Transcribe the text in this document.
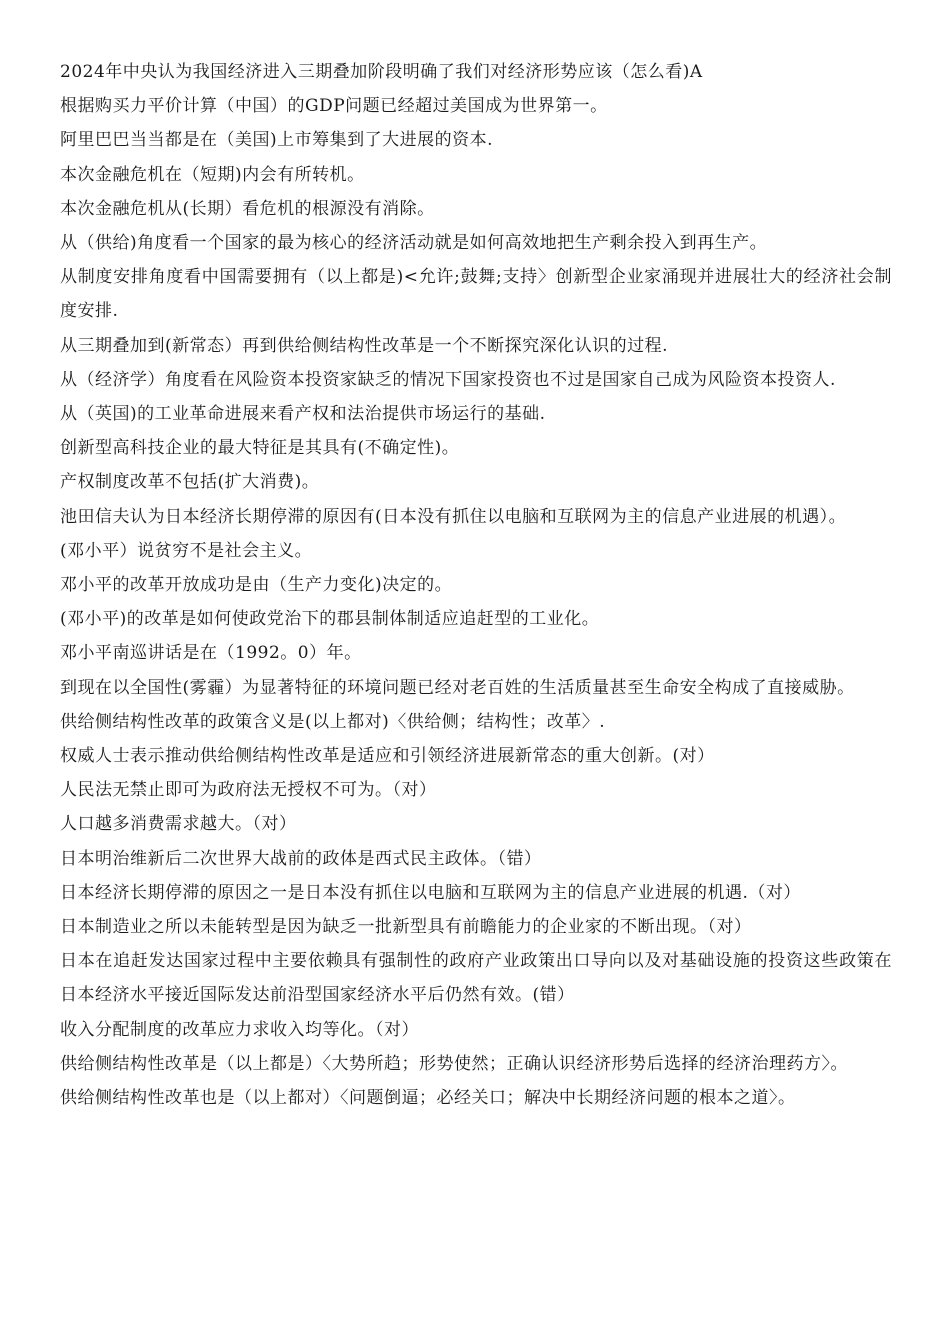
2024年中央认为我国经济进入三期叠加阶段明确了我们对经济形势应该（怎么看)A

根据购买力平价计算（中国）的GDP问题已经超过美国成为世界第一。

阿里巴巴当当都是在（美国)上市筹集到了大进展的资本.

本次金融危机在（短期)内会有所转机。

本次金融危机从(长期）看危机的根源没有消除。

从（供给)角度看一个国家的最为核心的经济活动就是如何高效地把生产剩余投入到再生产。

从制度安排角度看中国需要拥有（以上都是)<允许;鼓舞;支持〉创新型企业家涌现并进展壮大的经济社会制度安排.

从三期叠加到(新常态）再到供给侧结构性改革是一个不断探究深化认识的过程.

从（经济学）角度看在风险资本投资家缺乏的情况下国家投资也不过是国家自己成为风险资本投资人.

从（英国)的工业革命进展来看产权和法治提供市场运行的基础.

创新型高科技企业的最大特征是其具有(不确定性)。

产权制度改革不包括(扩大消费)。

池田信夫认为日本经济长期停滞的原因有(日本没有抓住以电脑和互联网为主的信息产业进展的机遇）。

(邓小平）说贫穷不是社会主义。

邓小平的改革开放成功是由（生产力变化)决定的。

(邓小平)的改革是如何使政党治下的郡县制体制适应追赶型的工业化。

邓小平南巡讲话是在（1992。0）年。

到现在以全国性(雾霾）为显著特征的环境问题已经对老百姓的生活质量甚至生命安全构成了直接威胁。

供给侧结构性改革的政策含义是(以上都对)〈供给侧；结构性；改革〉.

权威人士表示推动供给侧结构性改革是适应和引领经济进展新常态的重大创新。(对）

人民法无禁止即可为政府法无授权不可为。（对）

人口越多消费需求越大。（对）

日本明治维新后二次世界大战前的政体是西式民主政体。（错）

日本经济长期停滞的原因之一是日本没有抓住以电脑和互联网为主的信息产业进展的机遇.（对）

日本制造业之所以未能转型是因为缺乏一批新型具有前瞻能力的企业家的不断出现。（对）

日本在追赶发达国家过程中主要依赖具有强制性的政府产业政策出口导向以及对基础设施的投资这些政策在日本经济水平接近国际发达前沿型国家经济水平后仍然有效。(错）

收入分配制度的改革应力求收入均等化。（对）

供给侧结构性改革是（以上都是）〈大势所趋；形势使然；正确认识经济形势后选择的经济治理药方〉。

供给侧结构性改革也是（以上都对）〈问题倒逼；必经关口；解决中长期经济问题的根本之道〉。
